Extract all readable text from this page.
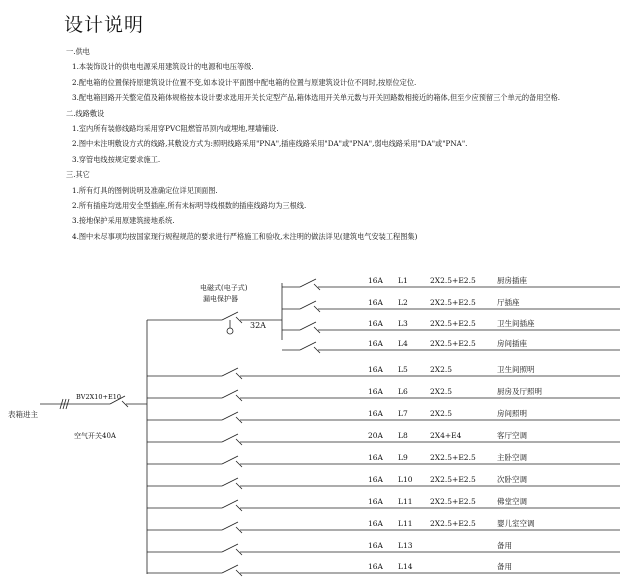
设计说明
一.供电
1.本装饰设计的供电电源采用建筑设计的电源和电压等级.
2.配电箱的位置保持原建筑设计位置不变,如本设计平面图中配电箱的位置与原建筑设计位不同时,按原位定位.
3.配电箱回路开关整定值及箱体规格按本设计要求选用开关长定型产品,箱体选用开关单元数与开关回路数相接近的箱体,但至少应预留三个单元的备用空格.
二.线路敷设
1.室内所有装修线路均采用穿PVC阻燃管吊顶内或埋地,埋墙铺设.
2.图中未注明敷设方式的线路,其敷设方式为:照明线路采用"PNA",插座线路采用"DA"或"PNA",弱电线路采用"DA"或"PNA".
3.穿管电线按规定要求施工.
三.其它
1.所有灯具的图例说明及准确定位详见顶面图.
2.所有插座均选用安全型插座,所有未标明导线根数的插座线路均为三根线.
3.接地保护采用原建筑接地系统.
4.图中未尽事项均按国家现行规程规范的要求进行严格施工和验收,未注明的做法详见(建筑电气安装工程图集)
表箱进主
BV2X10+E10
空气开关40A
电磁式(电子式)
漏电保护器
32A
16A L1	2X2.5+E2.5	厨房插座
16A L2	2X2.5+E2.5	厅插座
16A L3	2X2.5+E2.5	卫生间插座
16A L4	2X2.5+E2.5	房间插座
16A L5	2X2.5	卫生间照明
16A L6	2X2.5	厨房及厅照明
16A L7	2X2.5	房间照明
20A L8	2X4+E4	客厅空调
16A L9	2X2.5+E2.5	主卧空调
16A L10 2X2.5+E2.5	次卧空调
16A L11 2X2.5+E2.5	佛堂空调
16A L11 2X2.5+E2.5	婴儿室空调
16A L13	备用
16A L14	备用
